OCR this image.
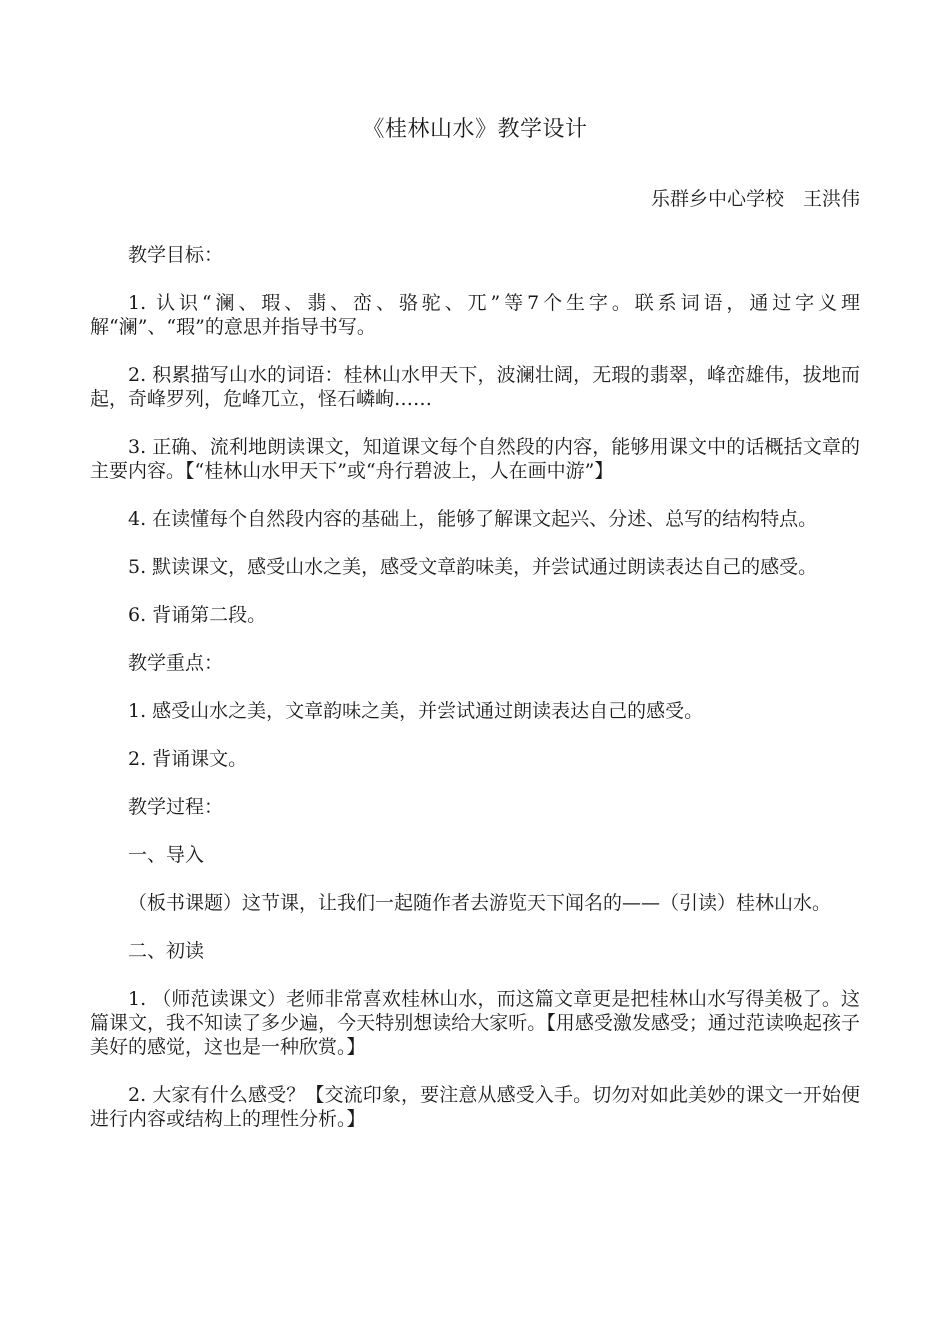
《桂林山水》教学设计
乐群乡中心学校　王洪伟

教学目标：

1. 认识“澜、瑕、翡、峦、骆驼、兀”等7个生字。联系词语，通过字义理解“澜”、“瑕”的意思并指导书写。

2. 积累描写山水的词语：桂林山水甲天下，波澜壮阔，无瑕的翡翠，峰峦雄伟，拔地而起，奇峰罗列，危峰兀立，怪石嶙峋……

3. 正确、流利地朗读课文，知道课文每个自然段的内容，能够用课文中的话概括文章的主要内容。【“桂林山水甲天下”或“舟行碧波上，人在画中游”】

4. 在读懂每个自然段内容的基础上，能够了解课文起兴、分述、总写的结构特点。

5. 默读课文，感受山水之美，感受文章韵味美，并尝试通过朗读表达自己的感受。

6. 背诵第二段。

教学重点：

1. 感受山水之美，文章韵味之美，并尝试通过朗读表达自己的感受。

2. 背诵课文。

教学过程：

一、导入

（板书课题）这节课，让我们一起随作者去游览天下闻名的——（引读）桂林山水。

二、初读

1. （师范读课文）老师非常喜欢桂林山水，而这篇文章更是把桂林山水写得美极了。这篇课文，我不知读了多少遍，今天特别想读给大家听。【用感受激发感受；通过范读唤起孩子美好的感觉，这也是一种欣赏。】

2. 大家有什么感受？【交流印象，要注意从感受入手。切勿对如此美妙的课文一开始便进行内容或结构上的理性分析。】
